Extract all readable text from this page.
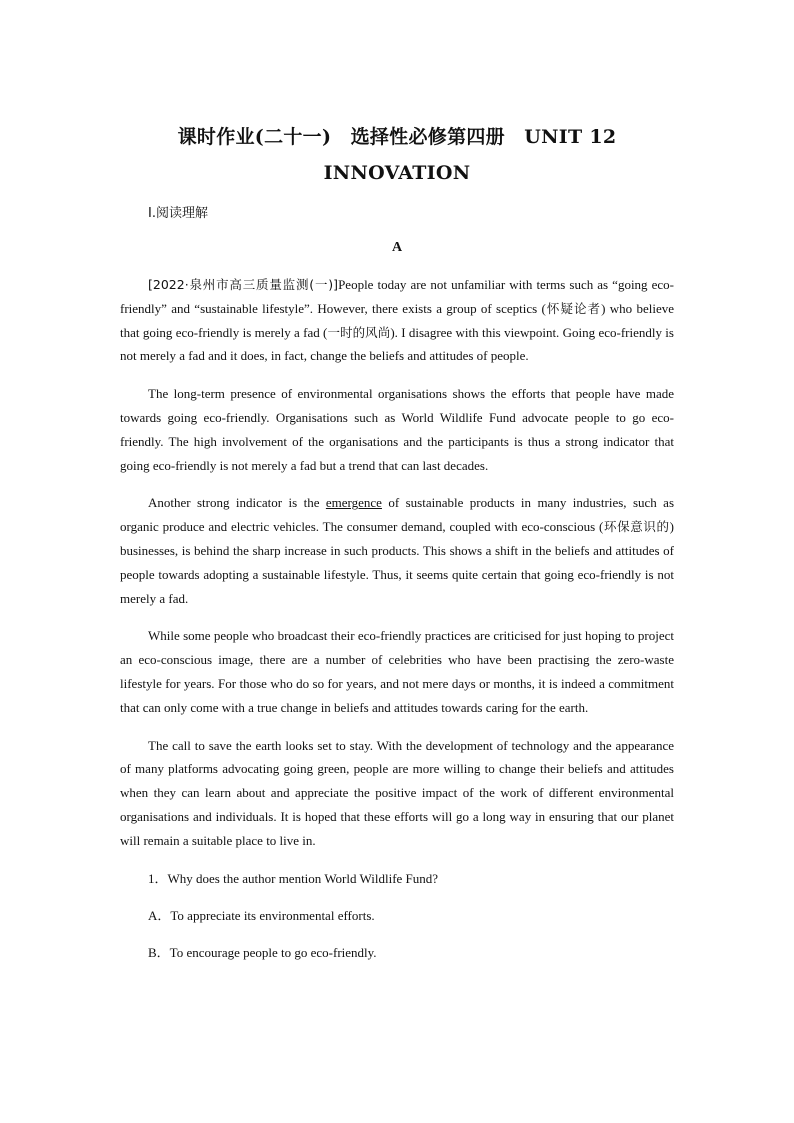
课时作业(二十一)　选择性必修第四册　UNIT 12
INNOVATION
Ⅰ.阅读理解
A

[2022·泉州市高三质量监测(一)]People today are not unfamiliar with terms such as “going eco-friendly” and “sustainable lifestyle”. However, there exists a group of sceptics (怀疑论者) who believe that going eco-friendly is merely a fad (一时的风尚). I disagree with this viewpoint. Going eco-friendly is not merely a fad and it does, in fact, change the beliefs and attitudes of people.

The long-term presence of environmental organisations shows the efforts that people have made towards going eco-friendly. Organisations such as World Wildlife Fund advocate people to go eco-friendly. The high involvement of the organisations and the participants is thus a strong indicator that going eco-friendly is not merely a fad but a trend that can last decades.

Another strong indicator is the emergence of sustainable products in many industries, such as organic produce and electric vehicles. The consumer demand, coupled with eco-conscious (环保意识的) businesses, is behind the sharp increase in such products. This shows a shift in the beliefs and attitudes of people towards adopting a sustainable lifestyle. Thus, it seems quite certain that going eco-friendly is not merely a fad.

While some people who broadcast their eco-friendly practices are criticised for just hoping to project an eco-conscious image, there are a number of celebrities who have been practising the zero-waste lifestyle for years. For those who do so for years, and not mere days or months, it is indeed a commitment that can only come with a true change in beliefs and attitudes towards caring for the earth.

The call to save the earth looks set to stay. With the development of technology and the appearance of many platforms advocating going green, people are more willing to change their beliefs and attitudes when they can learn about and appreciate the positive impact of the work of different environmental organisations and individuals. It is hoped that these efforts will go a long way in ensuring that our planet will remain a suitable place to live in.

1．Why does the author mention World Wildlife Fund?

A．To appreciate its environmental efforts.

B．To encourage people to go eco-friendly.
